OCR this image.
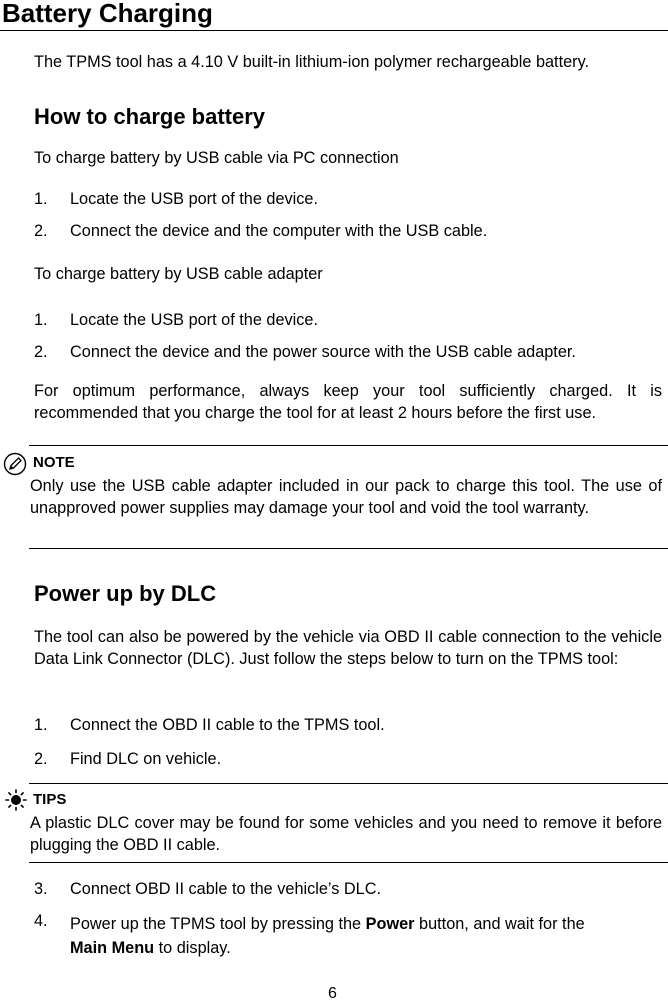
Battery Charging
The TPMS tool has a 4.10 V built-in lithium-ion polymer rechargeable battery.
How to charge battery
To charge battery by USB cable via PC connection
1. Locate the USB port of the device.
2. Connect the device and the computer with the USB cable.
To charge battery by USB cable adapter
1. Locate the USB port of the device.
2. Connect the device and the power source with the USB cable adapter.
For optimum performance, always keep your tool sufficiently charged. It is recommended that you charge the tool for at least 2 hours before the first use.
NOTE
Only use the USB cable adapter included in our pack to charge this tool. The use of unapproved power supplies may damage your tool and void the tool warranty.
Power up by DLC
The tool can also be powered by the vehicle via OBD II cable connection to the vehicle Data Link Connector (DLC). Just follow the steps below to turn on the TPMS tool:
1. Connect the OBD II cable to the TPMS tool.
2. Find DLC on vehicle.
TIPS
A plastic DLC cover may be found for some vehicles and you need to remove it before plugging the OBD II cable.
3. Connect OBD II cable to the vehicle’s DLC.
4. Power up the TPMS tool by pressing the Power button, and wait for the
Main Menu to display.
6
